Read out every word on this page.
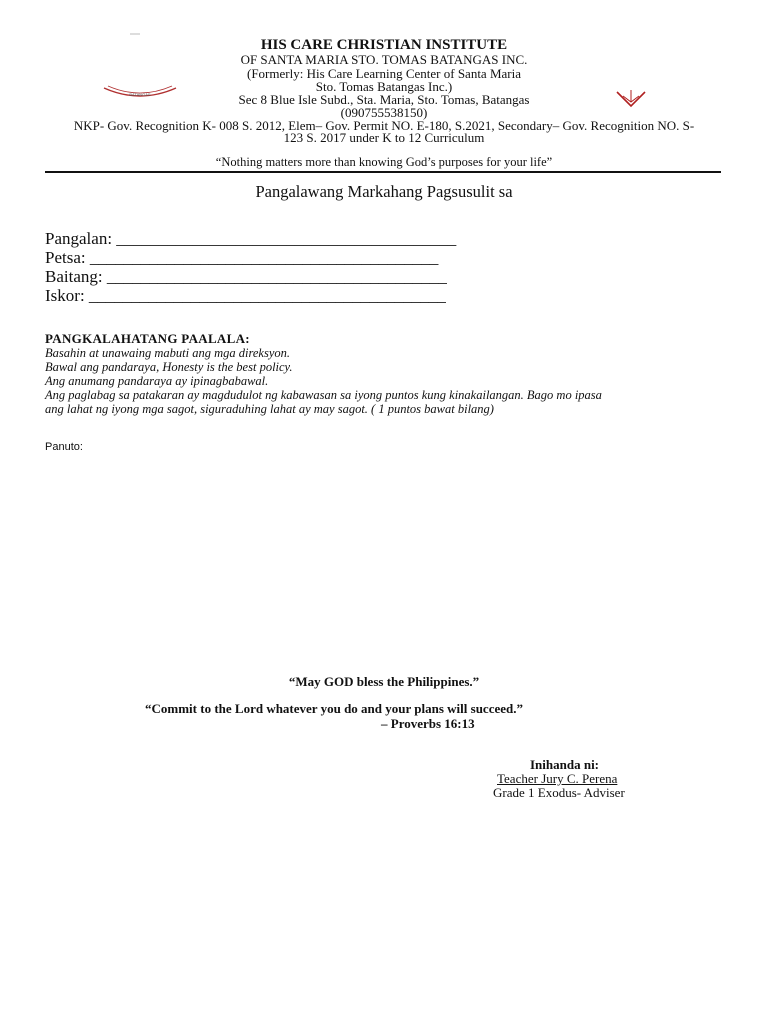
BATANGAS
HIS CARE CHRISTIAN INSTITUTE
OF SANTA MARIA STO. TOMAS BATANGAS INC.
(Formerly: His Care Learning Center of Santa Maria
Sto. Tomas Batangas Inc.)
Sec 8 Blue Isle Subd., Sta. Maria, Sto. Tomas, Batangas
(090755538150)
NKP- Gov. Recognition K- 008 S. 2012, Elem– Gov. Permit NO. E-180, S.2021, Secondary– Gov. Recognition NO. S-
123 S. 2017 under K to 12 Curriculum
“Nothing matters more than knowing God’s purposes for your life”
Pangalawang Markahang Pagsusulit sa
Pangalan: ________________________________________
Petsa: _________________________________________
Baitang: ________________________________________
Iskor: __________________________________________
PANGKALAHATANG PAALALA:
Basahin at unawaing mabuti ang mga direksyon.
Bawal ang pandaraya, Honesty is the best policy.
Ang anumang pandaraya ay ipinagbabawal.
Ang paglabag sa patakaran ay magdudulot ng kabawasan sa iyong puntos kung kinakailangan. Bago mo ipasa
ang lahat ng iyong mga sagot, siguraduhing lahat ay may sagot. ( 1 puntos bawat bilang)
Panuto:
“May GOD bless the Philippines.”
“Commit to the Lord whatever you do and your plans will succeed.”
– Proverbs 16:13
Inihanda ni:
Teacher Jury C. Perena
Grade 1 Exodus- Adviser
